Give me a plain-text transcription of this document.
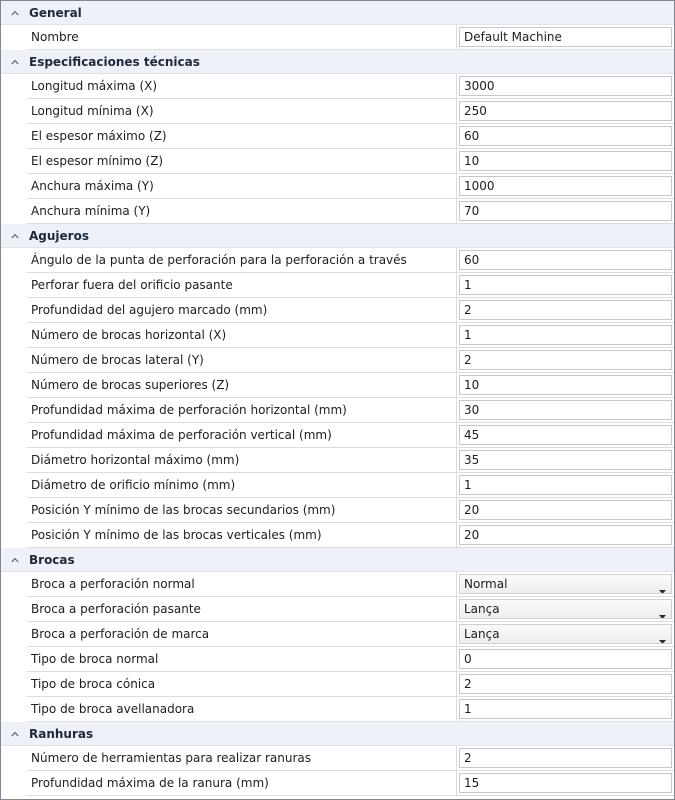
General
Nombre	Default Machine
Especificaciones técnicas
Longitud máxima (X)	3000
Longitud mínima (X)	250
El espesor máximo (Z)	60
El espesor mínimo (Z)	10
Anchura máxima (Y)	1000
Anchura mínima (Y)	70
Agujeros
Ángulo de la punta de perforación para la perforación a través	60
Perforar fuera del orificio pasante	1
Profundidad del agujero marcado (mm)	2
Número de brocas horizontal (X)	1
Número de brocas lateral (Y)	2
Número de brocas superiores (Z)	10
Profundidad máxima de perforación horizontal (mm)	30
Profundidad máxima de perforación vertical (mm)	45
Diámetro horizontal máximo (mm)	35
Diámetro de orificio mínimo (mm)	1
Posición Y mínimo de las brocas secundarios (mm)	20
Posición Y mínimo de las brocas verticales (mm)	20
Brocas
Broca a perforación normal	Normal
Broca a perforación pasante	Lança
Broca a perforación de marca	Lança
Tipo de broca normal	0
Tipo de broca cónica	2
Tipo de broca avellanadora	1
Ranhuras
Número de herramientas para realizar ranuras	2
Profundidad máxima de la ranura (mm)	15
